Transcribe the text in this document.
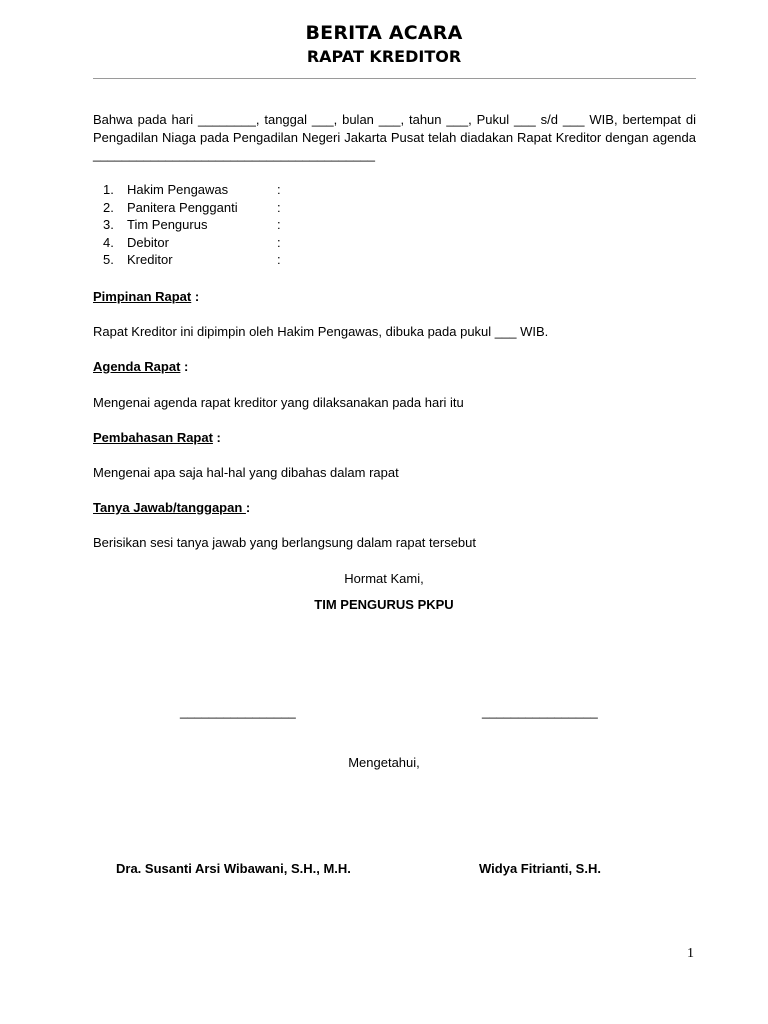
BERITA ACARA
RAPAT KREDITOR
Bahwa pada hari ________, tanggal ___, bulan ___, tahun ___, Pukul ___ s/d ___ WIB, bertempat di Pengadilan Niaga pada Pengadilan Negeri Jakarta Pusat telah diadakan Rapat Kreditor dengan agenda _______________________________________
1.	Hakim Pengawas	:
2.	Panitera Pengganti	:
3.	Tim Pengurus	:
4.	Debitor	:
5.	Kreditor	:
Pimpinan Rapat :
Rapat Kreditor ini dipimpin oleh Hakim Pengawas, dibuka pada pukul ___ WIB.
Agenda Rapat :
Mengenai agenda rapat kreditor yang dilaksanakan pada hari itu
Pembahasan Rapat :
Mengenai apa saja hal-hal yang dibahas dalam rapat
Tanya Jawab/tanggapan :
Berisikan sesi tanya jawab yang berlangsung dalam rapat tersebut
Hormat Kami,
TIM PENGURUS PKPU
________________	________________
Mengetahui,
Dra. Susanti Arsi Wibawani, S.H., M.H.	Widya Fitrianti, S.H.
1
